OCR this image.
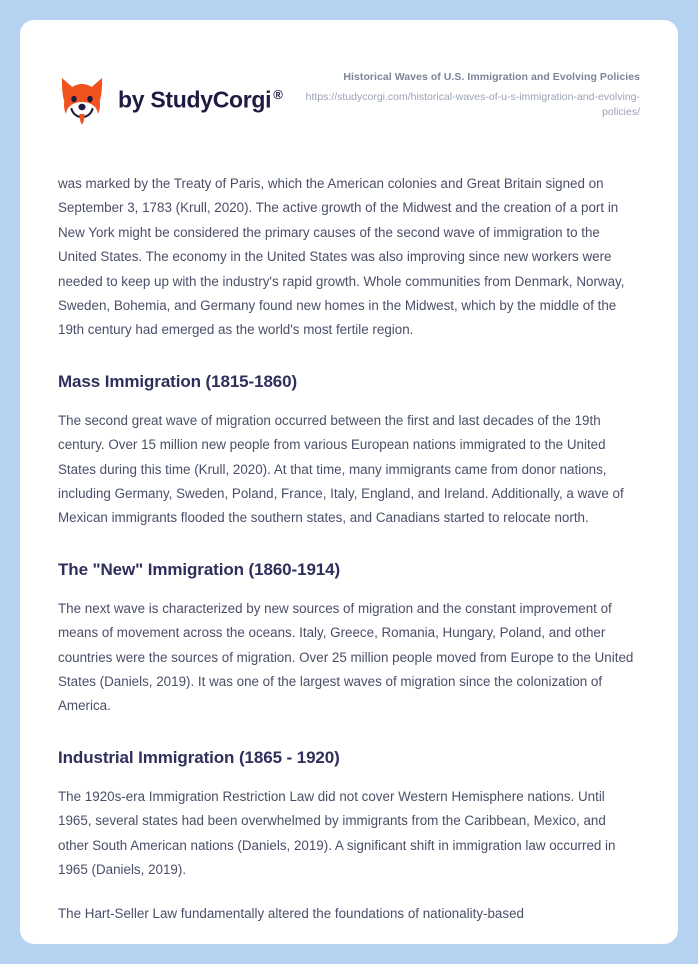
by StudyCorgi ®
Historical Waves of U.S. Immigration and Evolving Policies
https://studycorgi.com/historical-waves-of-u-s-immigration-and-evolving-policies/

was marked by the Treaty of Paris, which the American colonies and Great Britain signed on September 3, 1783 (Krull, 2020). The active growth of the Midwest and the creation of a port in New York might be considered the primary causes of the second wave of immigration to the United States. The economy in the United States was also improving since new workers were needed to keep up with the industry's rapid growth. Whole communities from Denmark, Norway, Sweden, Bohemia, and Germany found new homes in the Midwest, which by the middle of the 19th century had emerged as the world's most fertile region.

Mass Immigration (1815-1860)

The second great wave of migration occurred between the first and last decades of the 19th century. Over 15 million new people from various European nations immigrated to the United States during this time (Krull, 2020). At that time, many immigrants came from donor nations, including Germany, Sweden, Poland, France, Italy, England, and Ireland. Additionally, a wave of Mexican immigrants flooded the southern states, and Canadians started to relocate north.

The "New" Immigration (1860-1914)

The next wave is characterized by new sources of migration and the constant improvement of means of movement across the oceans. Italy, Greece, Romania, Hungary, Poland, and other countries were the sources of migration. Over 25 million people moved from Europe to the United States (Daniels, 2019). It was one of the largest waves of migration since the colonization of America.

Industrial Immigration (1865 - 1920)

The 1920s-era Immigration Restriction Law did not cover Western Hemisphere nations. Until 1965, several states had been overwhelmed by immigrants from the Caribbean, Mexico, and other South American nations (Daniels, 2019). A significant shift in immigration law occurred in 1965 (Daniels, 2019).

The Hart-Seller Law fundamentally altered the foundations of nationality-based
